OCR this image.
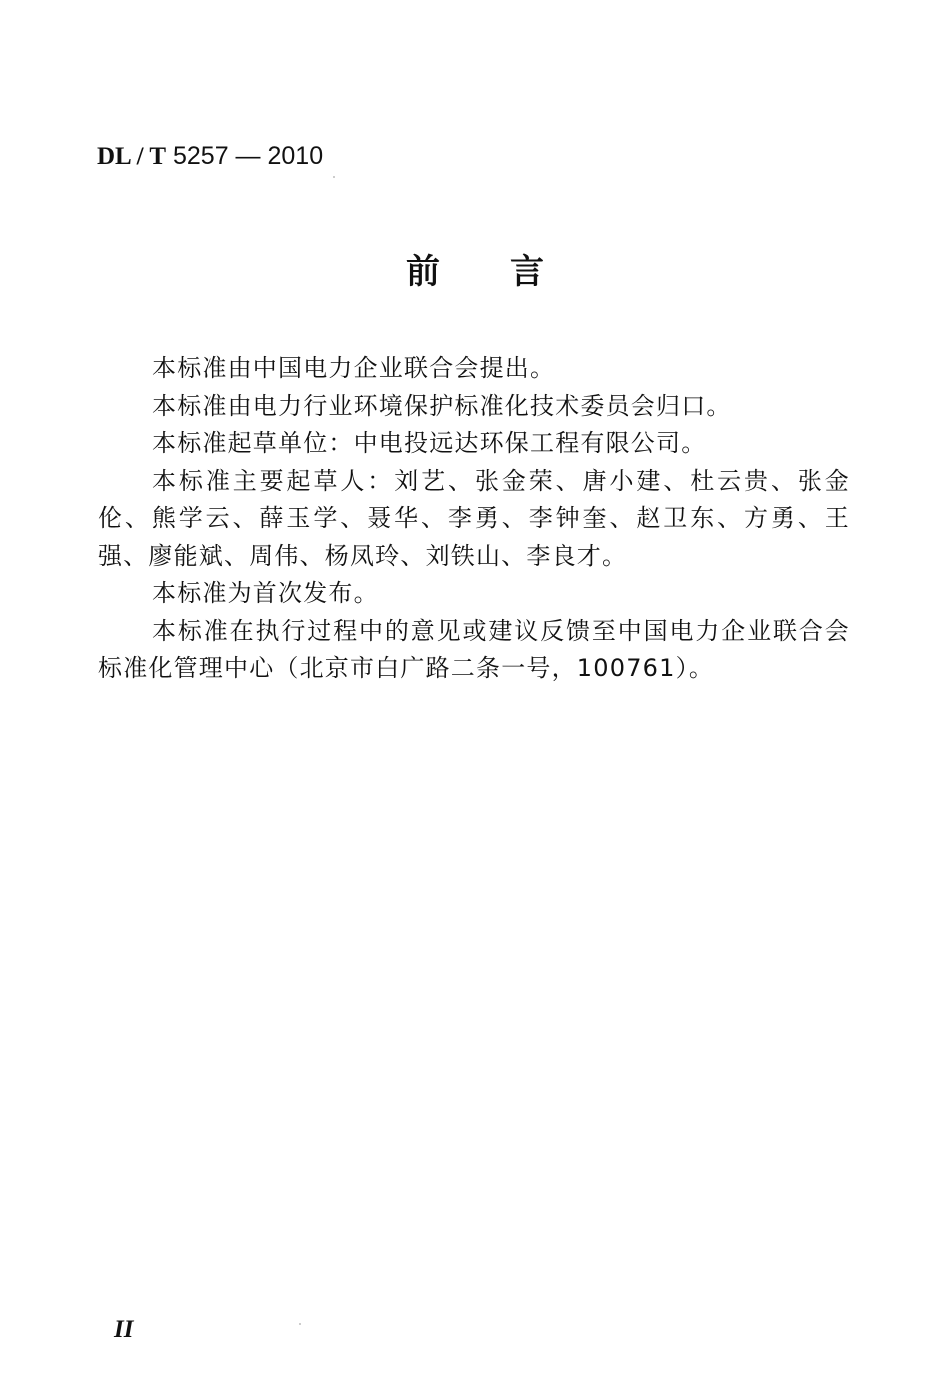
DL / T 5257 — 2010
前言

本标准由中国电力企业联合会提出。

本标准由电力行业环境保护标准化技术委员会归口。

本标准起草单位：中电投远达环保工程有限公司。

本标准主要起草人：刘艺、张金荣、唐小建、杜云贵、张金伦、熊学云、薛玉学、聂华、李勇、李钟奎、赵卫东、方勇、王强、廖能斌、周伟、杨凤玲、刘铁山、李良才。

本标准为首次发布。

本标准在执行过程中的意见或建议反馈至中国电力企业联合会标准化管理中心（北京市白广路二条一号，100761）。

II
